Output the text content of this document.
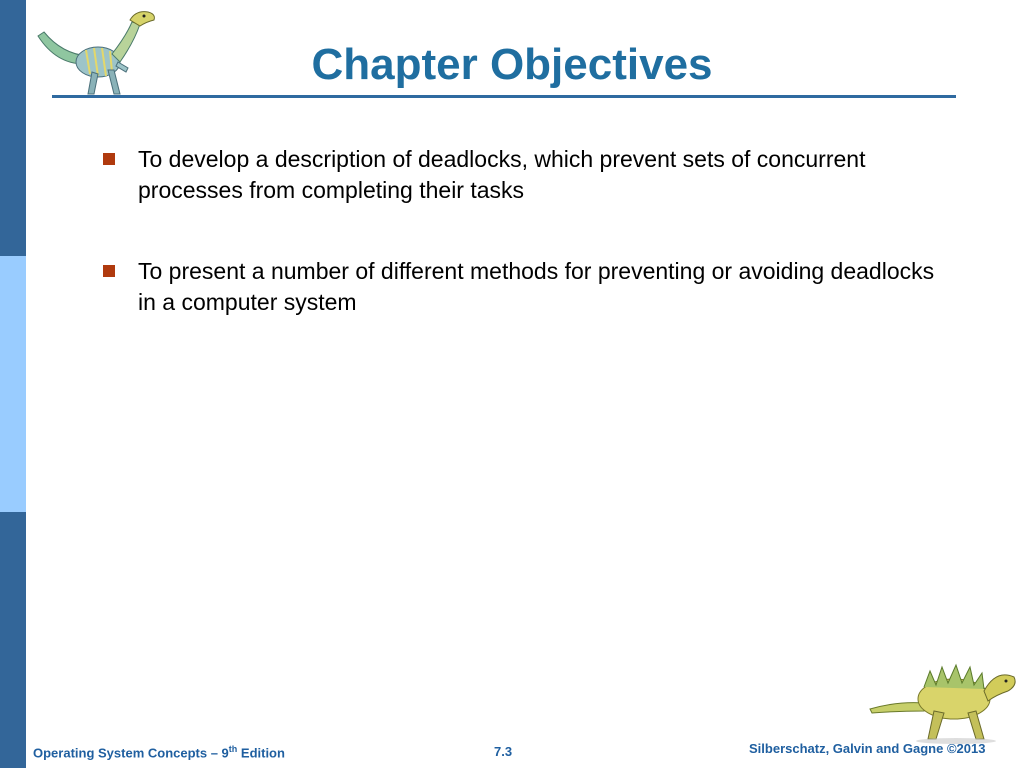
Chapter Objectives
To develop a description of deadlocks, which prevent sets of concurrent processes from completing their tasks
To present a number of different methods for preventing or avoiding deadlocks in a computer system
Operating System Concepts – 9th Edition	7.3	Silberschatz, Galvin and Gagne ©2013
